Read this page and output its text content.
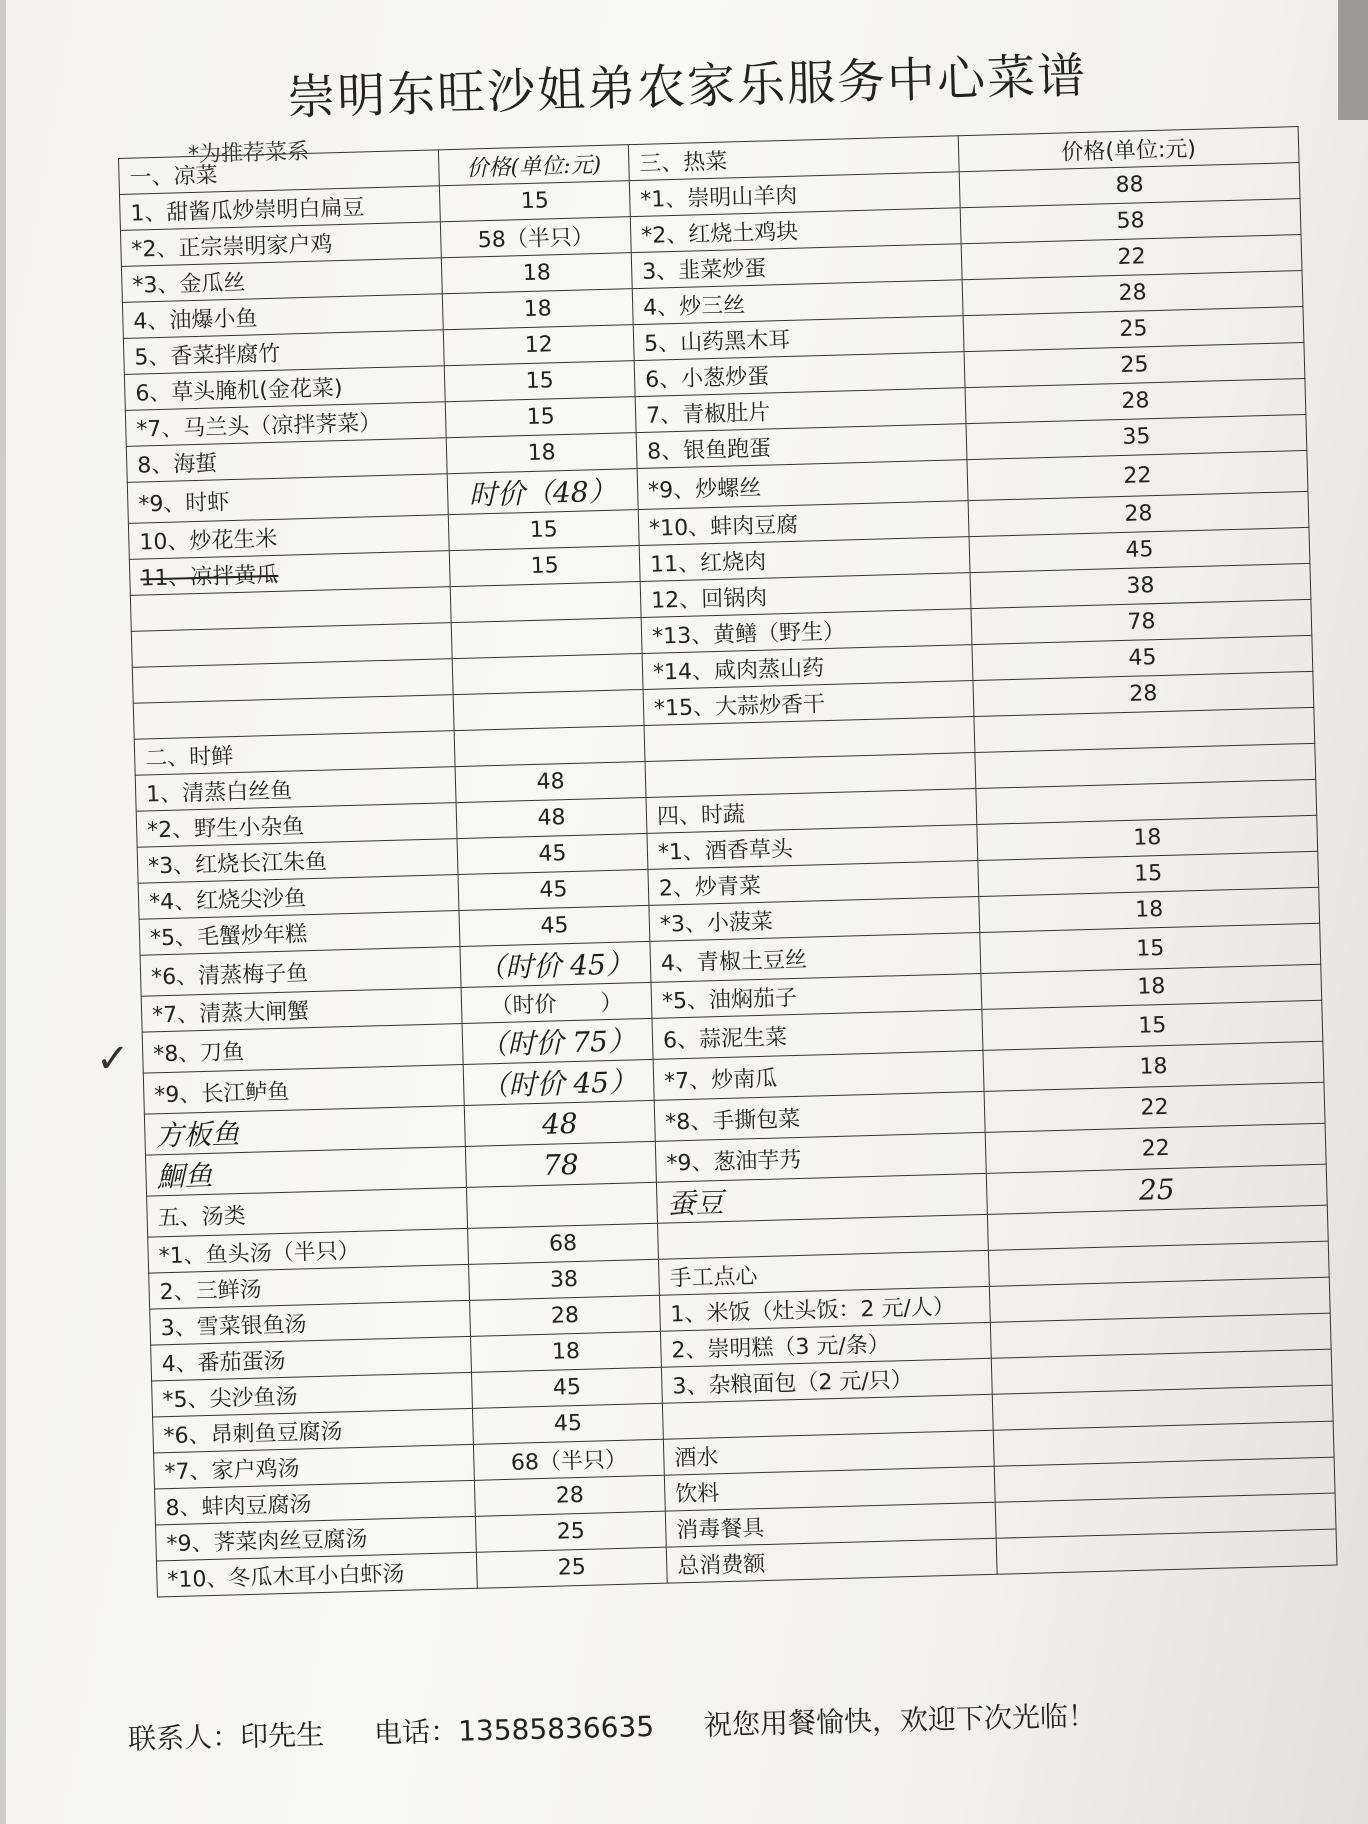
崇明东旺沙姐弟农家乐服务中心菜谱
*为推荐菜系
一、凉菜	价格(单位:元)	三、热菜	价格(单位:元)
1、甜酱瓜炒崇明白扁豆	15	*1、崇明山羊肉	88
*2、正宗崇明家户鸡	58（半只）	*2、红烧土鸡块	58
*3、金瓜丝	18	3、韭菜炒蛋	22
4、油爆小鱼	18	4、炒三丝	28
5、香菜拌腐竹	12	5、山药黑木耳	25
6、草头腌机(金花菜)	15	6、小葱炒蛋	25
*7、马兰头（凉拌荠菜）	15	7、青椒肚片	28
8、海蜇	18	8、银鱼跑蛋	35
*9、时虾	时价（48）	*9、炒螺丝	22
10、炒花生米	15	*10、蚌肉豆腐	28
11、凉拌黄瓜	15	11、红烧肉	45
		12、回锅肉	38
		*13、黄鳝（野生）	78
		*14、咸肉蒸山药	45
		*15、大蒜炒香干	28
二、时鲜			
1、清蒸白丝鱼	48		
*2、野生小杂鱼	48	四、时蔬	
*3、红烧长江朱鱼	45	*1、酒香草头	18
*4、红烧尖沙鱼	45	2、炒青菜	15
*5、毛蟹炒年糕	45	*3、小菠菜	18
*6、清蒸梅子鱼	（时价 45）	4、青椒土豆丝	15
*7、清蒸大闸蟹	（时价　　）	*5、油焖茄子	18
*8、刀鱼	（时价 75）	6、蒜泥生菜	15
*9、长江鲈鱼	（时价 45）	*7、炒南瓜	18
方板鱼	48	*8、手撕包菜	22
鮰鱼	78	*9、葱油芋艿	22
五、汤类		蚕豆	25
*1、鱼头汤（半只）	68		
2、三鲜汤	38	手工点心	
3、雪菜银鱼汤	28	1、米饭（灶头饭：2 元/人）	
4、番茄蛋汤	18	2、崇明糕（3 元/条）	
*5、尖沙鱼汤	45	3、杂粮面包（2 元/只）	
*6、昂刺鱼豆腐汤	45		
*7、家户鸡汤	68（半只）	酒水	
8、蚌肉豆腐汤	28	饮料	
*9、荠菜肉丝豆腐汤	25	消毒餐具	
*10、冬瓜木耳小白虾汤	25	总消费额	
✓
联系人：印先生 电话：13585836635 祝您用餐愉快，欢迎下次光临！
